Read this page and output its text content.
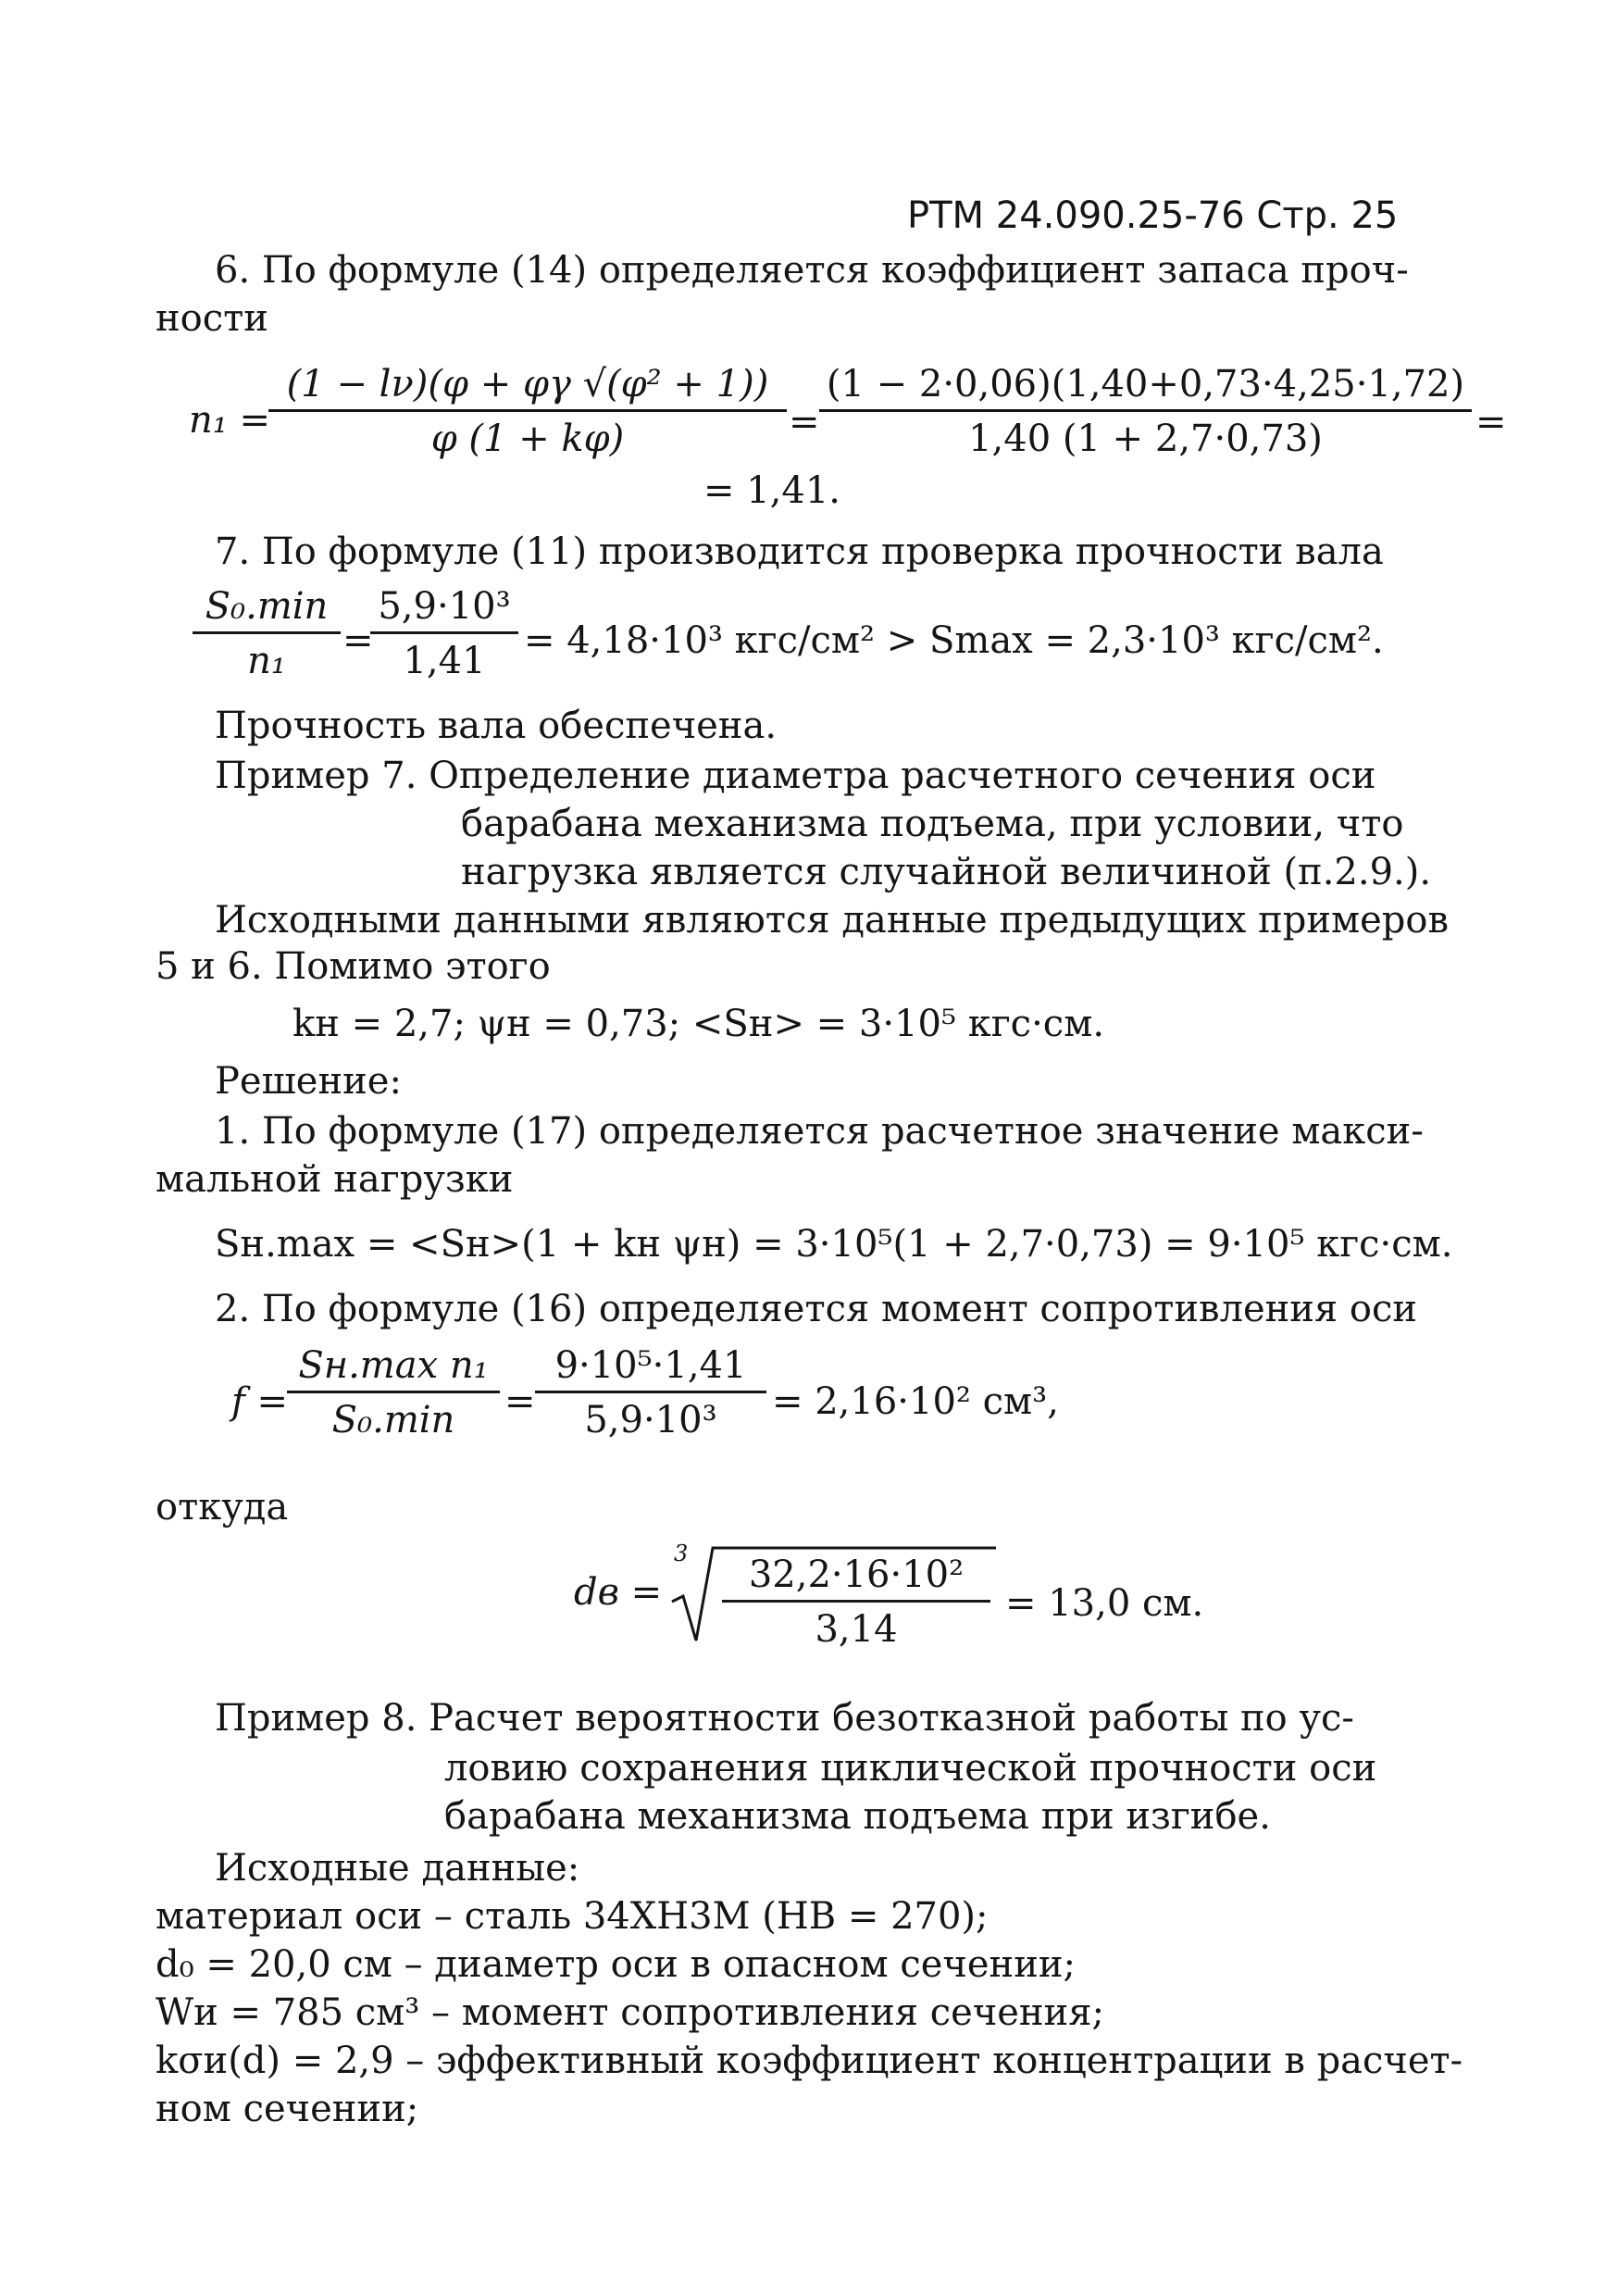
РТМ 24.090.25-76 Стр. 25
6. По формуле (14) определяется коэффициент запаса проч-
ности
n₁ =
$\frac{\text{(1 − lν)(φ + φγ √(φ² + 1))}}{\varphi (1 + k\varphi)} = \frac{(1 - 2\cdot 0,06)(1,40+0,73\cdot 4,25\cdot 1,72)}{1,40 (1 + 2,7\cdot 0,73)}$ =
= 1,41.
7. По формуле (11) производится проверка прочности вала
S₀.min
n₁	=
$\frac{\text{5,9·10³}}{1,41} = 4,18\cdot 10^3$ кгс/см² > Smax = 2,3·10³ кгс/см².
Прочность вала обеспечена.
Пример 7. Определение диаметра расчетного сечения оси
барабана механизма подъема, при условии, что
нагрузка является случайной величиной (п.2.9.).
Исходными данными являются данные предыдущих примеров
5 и 6. Помимо этого
kн = 2,7; ψн = 0,73; <Sн> = 3·10⁵ кгс·см.
Решение:
1. По формуле (17) определяется расчетное значение макси-
мальной нагрузки
Sн.max = <Sн>(1 + kн ψн) = 3·10⁵(1 + 2,7·0,73) = 9·10⁵ кгс·см.
2. По формуле (16) определяется момент сопротивления оси
f =
Sн.max n₁
S₀.min	= $\frac{\text{9·10⁵·1,41}}{\text{5,9·10³}} = 2,16\cdot 10^2$ см³,
откуда
dв =
$3 \frac{\text{32,2·16·10²}}{3,14} = 13,0$ см.
Пример 8. Расчет вероятности безотказной работы по ус-
ловию сохранения циклической прочности оси
барабана механизма подъема при изгибе.
Исходные данные:
материал оси – сталь 34ХН3М (НВ = 270);
d₀ = 20,0 см – диаметр оси в опасном сечении;
Wи = 785 см³ – момент сопротивления сечения;
kσи(d) = 2,9 – эффективный коэффициент концентрации в расчет-
ном сечении;
